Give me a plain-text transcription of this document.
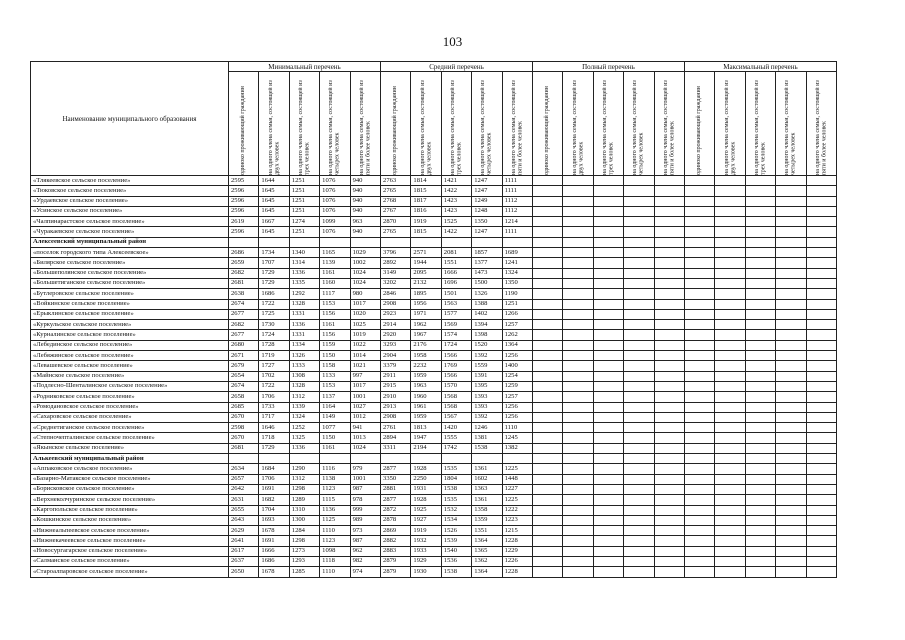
103
Наименование муниципального образования	Минимальный перечень					Средний перечень					Полный перечень					Максимальный перечень				

	одиноко проживающий гражданин	на одного члена семьи, состоящей из двух человек	на одного члена семьи, состоящей из трех человек	на одного члена семьи, состоящей из четырех человек	на одного члена семьи, состоящей из пяти и более человек	одиноко проживающий гражданин	на одного члена семьи, состоящей из двух человек	на одного члена семьи, состоящей из трех человек	на одного члена семьи, состоящей из четырех человек	на одного члена семьи, состоящей из пяти и более человек	одиноко проживающий гражданин	на одного члена семьи, состоящей из двух человек	на одного члена семьи, состоящей из трех человек	на одного члена семьи, состоящей из четырех человек	на одного члена семьи, состоящей из пяти и более человек	одиноко проживающий гражданин	на одного члена семьи, состоящей из двух человек	на одного члена семьи, состоящей из трех человек	на одного члена семьи, состоящей из четырех человек	на одного члена семьи, состоящей из пяти и более человек

«Тлякеевское сельское поселение»	2595	1644	1251	1076	940	2763	1814	1421	1247	1111										
«Тюковское сельское поселение»	2596	1645	1251	1076	940	2765	1815	1422	1247	1111										
«Урдаевское сельское поселение»	2596	1645	1251	1076	940	2768	1817	1423	1249	1112										
«Усинское сельское поселение»	2596	1645	1251	1076	940	2767	1816	1423	1248	1112										
«Чалпинарастское сельское поселение»	2619	1667	1274	1099	963	2870	1919	1525	1350	1214										
«Чуракаевское сельское поселение»	2596	1645	1251	1076	940	2765	1815	1422	1247	1111										
Алексеевский муниципальный район																				
«поселок городского типа Алексеевское»	2686	1734	1340	1165	1029	3796	2571	2081	1857	1689										
«Билярское сельское поселение»	2659	1707	1314	1139	1002	2892	1944	1551	1377	1241										
«Большеполянское сельское поселение»	2682	1729	1336	1161	1024	3149	2095	1666	1473	1324										
«Большетиганское сельское поселение»	2681	1729	1335	1160	1024	3202	2132	1696	1500	1350										
«Бутлеровское сельское поселение»	2638	1686	1292	1117	980	2846	1895	1501	1326	1190										
«Войкинское сельское поселение»	2674	1722	1328	1153	1017	2908	1956	1563	1388	1251										
«Ерыклинское сельское поселение»	2677	1725	1331	1156	1020	2923	1971	1577	1402	1266										
«Куркульское сельское поселение»	2682	1730	1336	1161	1025	2914	1962	1569	1394	1257										
«Курналинское сельское поселение»	2677	1724	1331	1156	1019	2920	1967	1574	1398	1262										
«Лебединское сельское поселение»	2680	1728	1334	1159	1022	3293	2176	1724	1520	1364										
«Лебяжинское сельское поселение»	2671	1719	1326	1150	1014	2904	1958	1566	1392	1256										
«Левашевское сельское поселение»	2679	1727	1333	1158	1021	3379	2232	1769	1559	1400										
«Майнское сельское поселение»	2654	1702	1308	1133	997	2911	1959	1566	1391	1254										
«Подлесно-Шенталинское сельское поселение»	2674	1722	1328	1153	1017	2915	1963	1570	1395	1259										
«Родниковское сельское поселение»	2658	1706	1312	1137	1001	2910	1960	1568	1393	1257										
«Ромодановское сельское поселение»	2685	1733	1339	1164	1027	2913	1961	1568	1393	1256										
«Сахаровское сельское поселение»	2670	1717	1324	1149	1012	2908	1959	1567	1392	1256										
«Среднетиганское сельское поселение»	2598	1646	1252	1077	941	2761	1813	1420	1246	1110										
«Степночепталинское сельское поселение»	2670	1718	1325	1150	1013	2894	1947	1555	1381	1245										
«Якынское сельское поселение»	2681	1729	1336	1161	1024	3311	2194	1742	1538	1382										
Алькеевский муниципальный район																				
«Аппаковское сельское поселение»	2634	1684	1290	1116	979	2877	1928	1535	1361	1225										
«Базарно-Матакское сельское поселение»	2657	1706	1312	1138	1001	3350	2250	1804	1602	1448										
«Борисковское сельское поселение»	2642	1691	1298	1123	987	2881	1931	1538	1363	1227										
«Верхнеколчуринское сельское поселение»	2631	1682	1289	1115	978	2877	1928	1535	1361	1225										
«Каргопольское сельское поселение»	2655	1704	1310	1136	999	2872	1925	1532	1358	1222										
«Кошкинское сельское поселение»	2643	1693	1300	1125	989	2878	1927	1534	1359	1223										
«Нижнеальпеевское сельское поселение»	2629	1678	1284	1110	973	2869	1919	1526	1351	1215										
«Нижнекачеевское сельское поселение»	2641	1691	1298	1123	987	2882	1932	1539	1364	1228										
«Новосургагарское сельское поселение»	2617	1666	1273	1098	962	2883	1933	1540	1365	1229										
«Салманское сельское поселение»	2637	1686	1293	1118	982	2879	1929	1536	1362	1226										
«Староалпаровское сельское поселение»	2650	1678	1285	1110	974	2879	1930	1538	1364	1228										
